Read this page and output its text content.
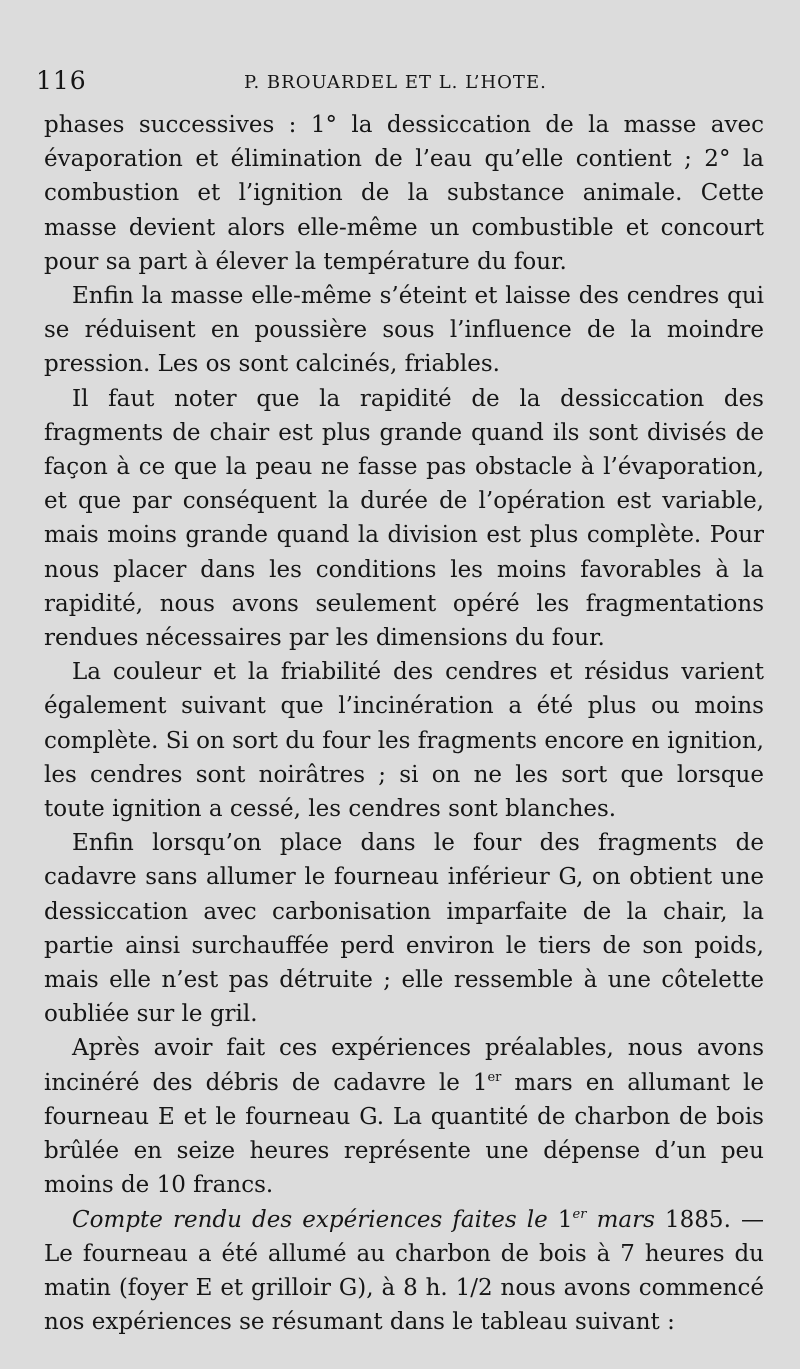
116	P. BROUARDEL ET L. L’HOTE.

phases successives : 1° la dessiccation de la masse avec évaporation et élimination de l’eau qu’elle contient ; 2° la combustion et l’ignition de la substance animale. Cette masse devient alors elle-même un combustible et concourt pour sa part à élever la température du four.

Enfin la masse elle-même s’éteint et laisse des cendres qui se réduisent en poussière sous l’influence de la moindre pression. Les os sont calcinés, friables.

Il faut noter que la rapidité de la dessiccation des fragments de chair est plus grande quand ils sont divisés de façon à ce que la peau ne fasse pas obstacle à l’évaporation, et que par conséquent la durée de l’opération est variable, mais moins grande quand la division est plus complète. Pour nous placer dans les conditions les moins favorables à la rapidité, nous avons seulement opéré les fragmentations rendues nécessaires par les dimensions du four.

La couleur et la friabilité des cendres et résidus varient également suivant que l’incinération a été plus ou moins complète. Si on sort du four les fragments encore en ignition, les cendres sont noirâtres ; si on ne les sort que lorsque toute ignition a cessé, les cendres sont blanches.

Enfin lorsqu’on place dans le four des fragments de cadavre sans allumer le fourneau inférieur G, on obtient une dessiccation avec carbonisation imparfaite de la chair, la partie ainsi surchauffée perd environ le tiers de son poids, mais elle n’est pas détruite ; elle ressemble à une côtelette oubliée sur le gril.

Après avoir fait ces expériences préalables, nous avons incinéré des débris de cadavre le 1er mars en allumant le fourneau E et le fourneau G. La quantité de charbon de bois brûlée en seize heures représente une dépense d’un peu moins de 10 francs.

Compte rendu des expériences faites le 1er mars 1885. — Le fourneau a été allumé au charbon de bois à 7 heures du matin (foyer E et grilloir G), à 8 h. 1/2 nous avons commencé nos expériences se résumant dans le tableau suivant :
